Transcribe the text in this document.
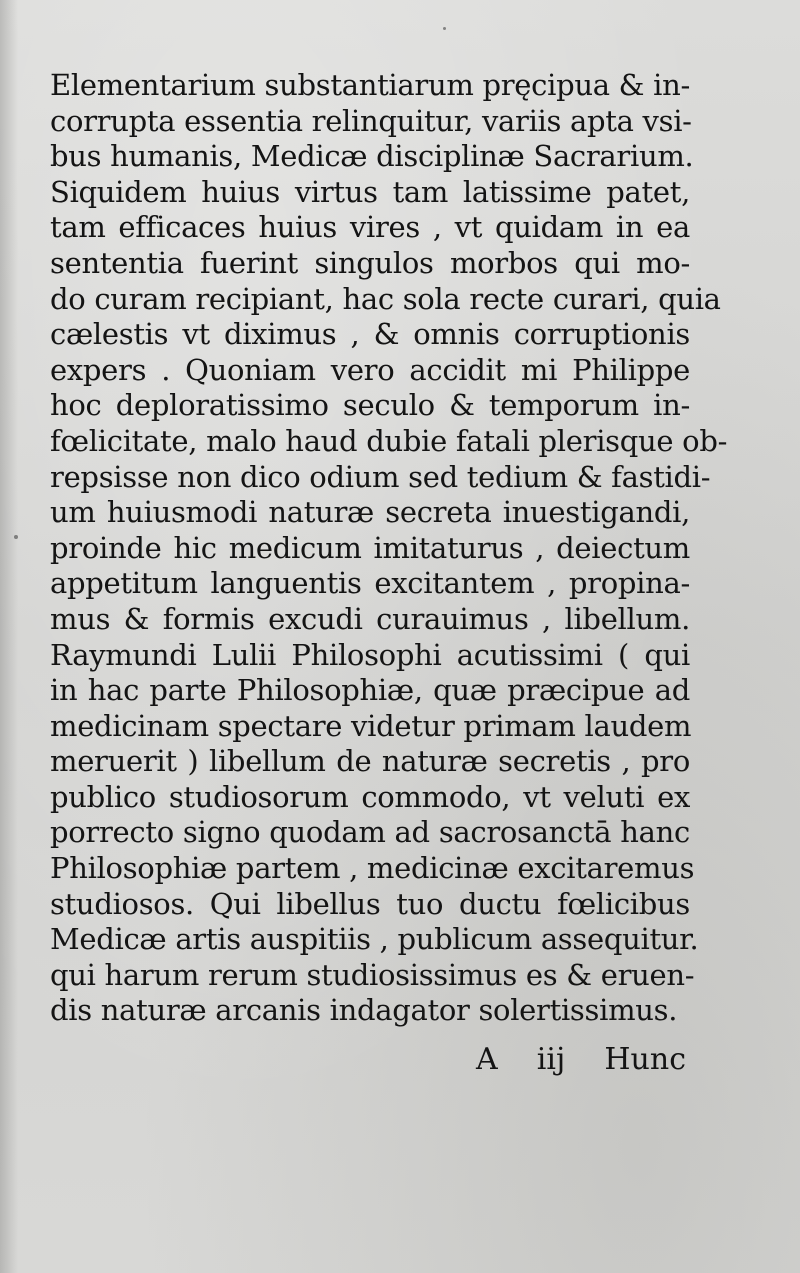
Elementarium substantiarum pręcipua & in-
corrupta essentia relinquitur, variis apta vsi-
bus humanis, Medicæ disciplinæ Sacrarium.
Siquidem huius virtus tam latissime patet,
tam efficaces huius vires , vt quidam in ea
sententia fuerint singulos morbos qui mo-
do curam recipiant, hac sola recte curari, quia
cælestis vt diximus , & omnis corruptionis
expers . Quoniam vero accidit mi Philippe
hoc deploratissimo seculo & temporum in-
fœlicitate, malo haud dubie fatali plerisque ob-
repsisse non dico odium sed tedium & fastidi-
um huiusmodi naturæ secreta inuestigandi,
proinde hic medicum imitaturus , deiectum
appetitum languentis excitantem , propina-
mus & formis excudi curauimus , libellum.
Raymundi Lulii Philosophi acutissimi ( qui
in hac parte Philosophiæ, quæ præcipue ad
medicinam spectare videtur primam laudem
meruerit ) libellum de naturæ secretis , pro
publico studiosorum commodo, vt veluti ex
porrecto signo quodam ad sacrosanctā hanc
Philosophiæ partem , medicinæ excitaremus
studiosos. Qui libellus tuo ductu fœlicibus
Medicæ artis auspitiis , publicum assequitur.
qui harum rerum studiosissimus es & eruen-
dis naturæ arcanis indagator solertissimus.
A iij Hunc
